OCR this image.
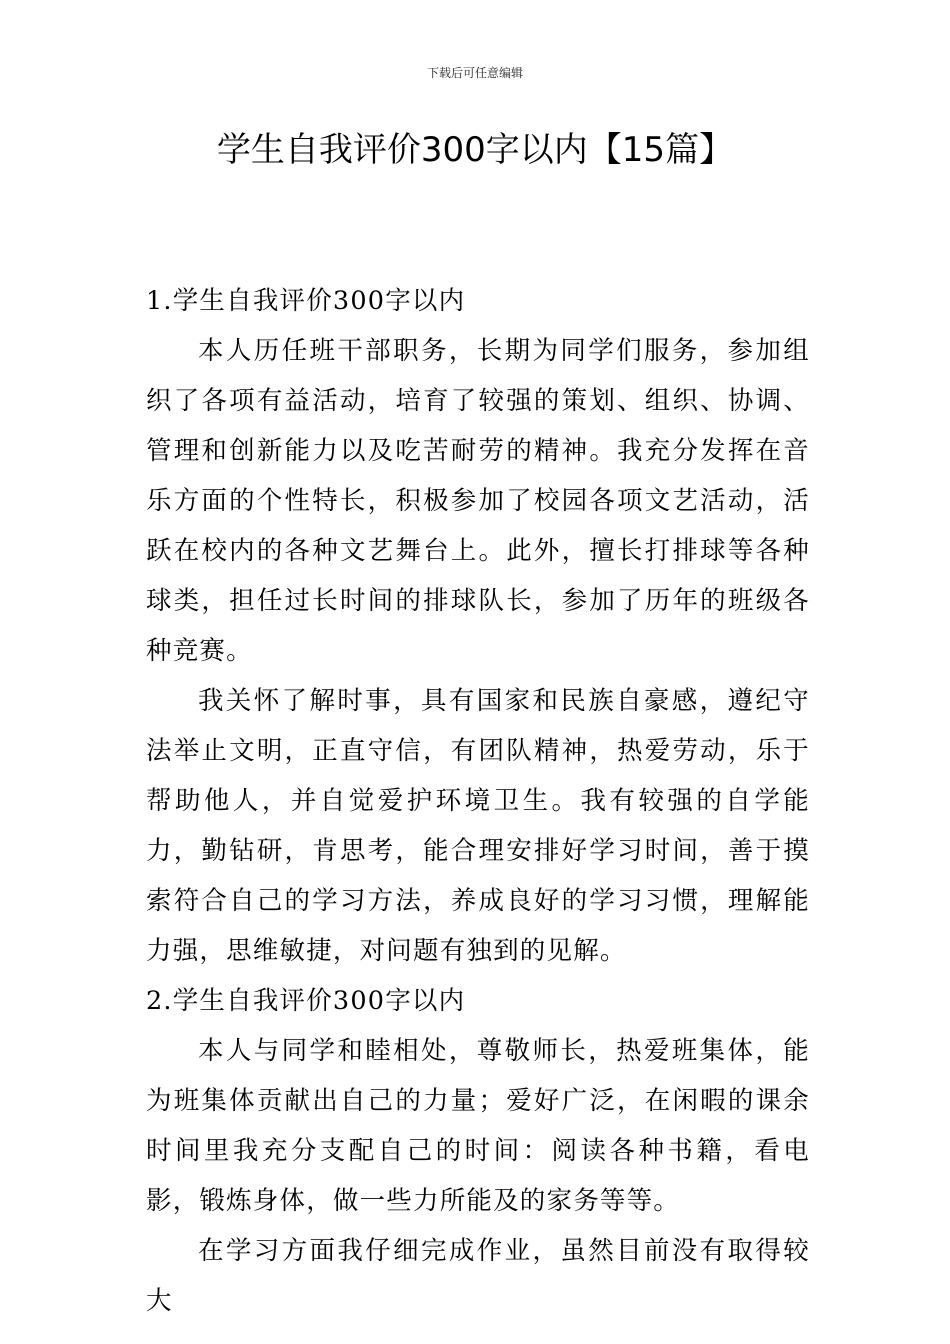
下载后可任意编辑
学生自我评价300字以内【15篇】

1.学生自我评价300字以内

本人历任班干部职务，长期为同学们服务，参加组织了各项有益活动，培育了较强的策划、组织、协调、管理和创新能力以及吃苦耐劳的精神。我充分发挥在音乐方面的个性特长，积极参加了校园各项文艺活动，活跃在校内的各种文艺舞台上。此外，擅长打排球等各种球类，担任过长时间的排球队长，参加了历年的班级各种竞赛。

我关怀了解时事，具有国家和民族自豪感，遵纪守法举止文明，正直守信，有团队精神，热爱劳动，乐于帮助他人，并自觉爱护环境卫生。我有较强的自学能力，勤钻研，肯思考，能合理安排好学习时间，善于摸索符合自己的学习方法，养成良好的学习习惯，理解能力强，思维敏捷，对问题有独到的见解。

2.学生自我评价300字以内

本人与同学和睦相处，尊敬师长，热爱班集体，能为班集体贡献出自己的力量；爱好广泛，在闲暇的课余时间里我充分支配自己的时间：阅读各种书籍，看电影，锻炼身体，做一些力所能及的家务等等。

在学习方面我仔细完成作业，虽然目前没有取得较大
